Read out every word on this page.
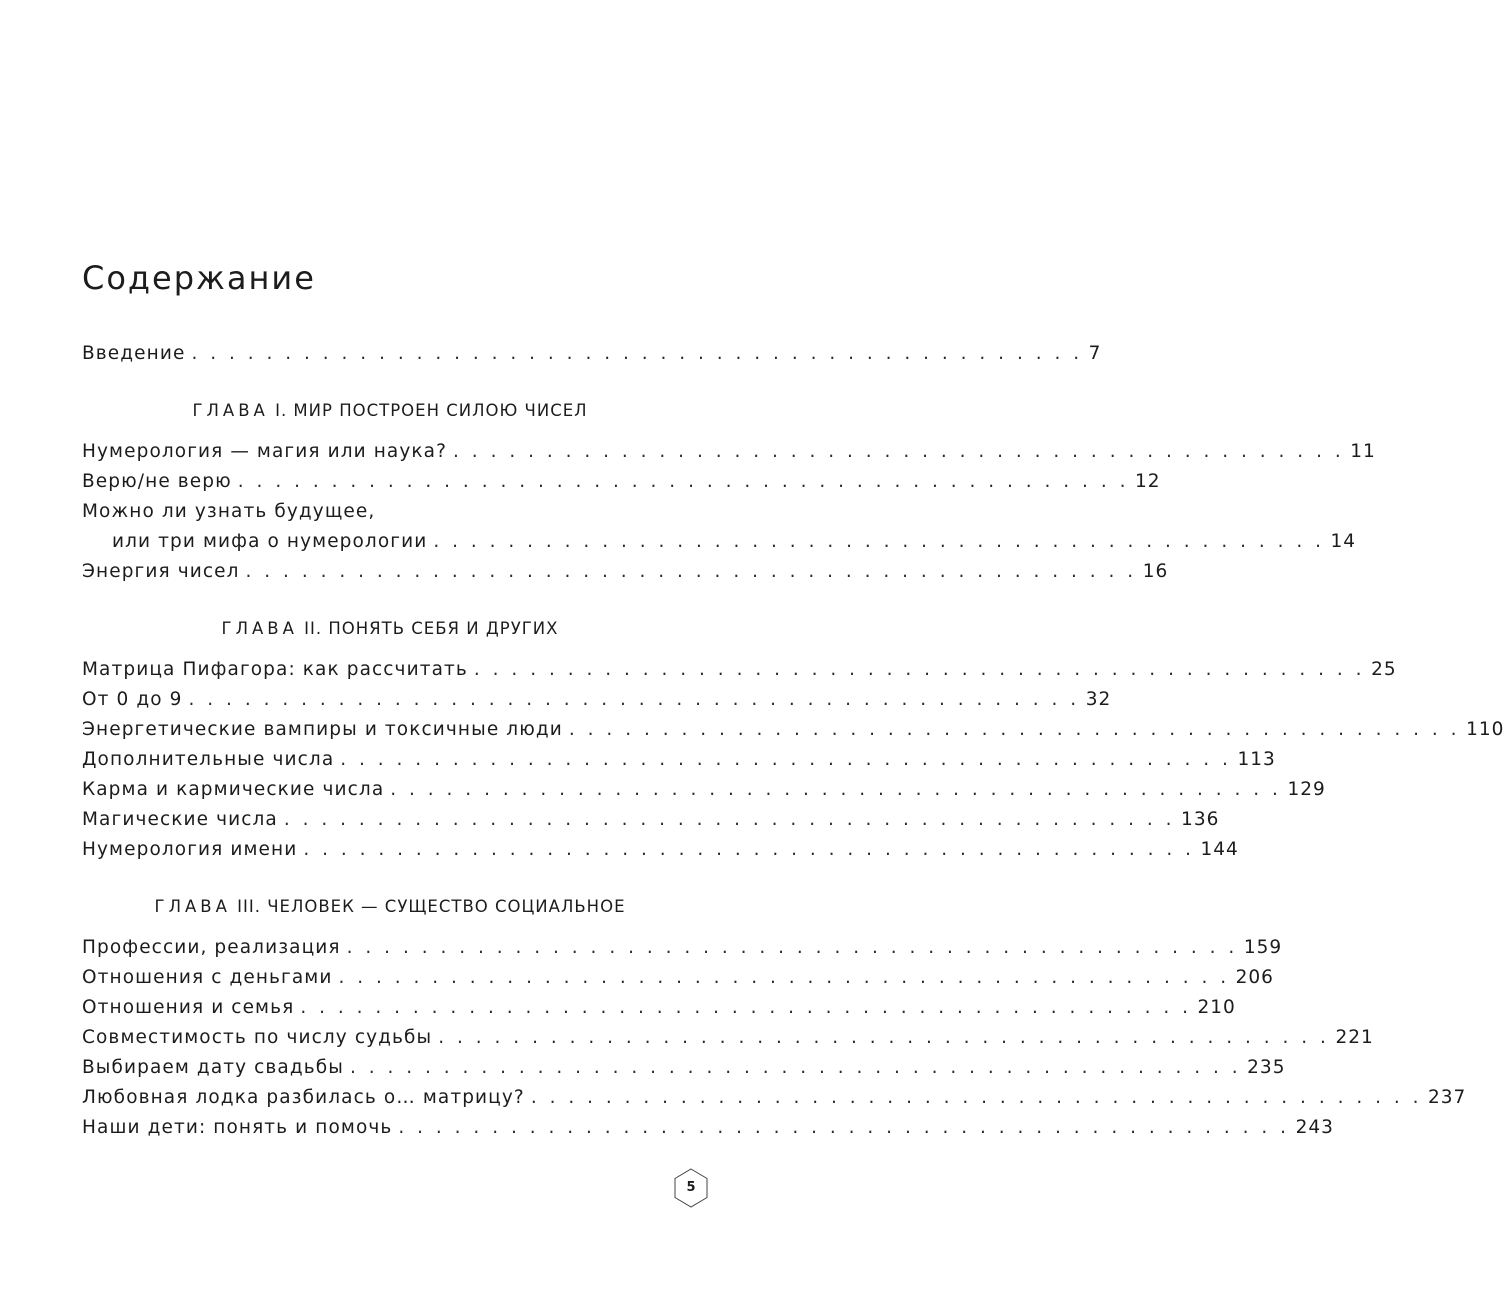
Содержание
Введение . . . . . . . . . . . . . . . . . . . . . . . . . . . . . . . . . . . . . . . . . . . . . . . . 7
ГЛАВА I. МИР ПОСТРОЕН СИЛОЮ ЧИСЕЛ
Нумерология — магия или наука? . . . . . . . . . . . . . . . . . . . . . . . . . . . . . . . . . . . . . . . . . . . . . . . . 11
Верю/не верю . . . . . . . . . . . . . . . . . . . . . . . . . . . . . . . . . . . . . . . . . . . . . . . . 12
Можно ли узнать будущее,
или три мифа о нумерологии . . . . . . . . . . . . . . . . . . . . . . . . . . . . . . . . . . . . . . . . . . . . . . . . 14
Энергия чисел . . . . . . . . . . . . . . . . . . . . . . . . . . . . . . . . . . . . . . . . . . . . . . . . 16
ГЛАВА II. ПОНЯТЬ СЕБЯ И ДРУГИХ
Матрица Пифагора: как рассчитать . . . . . . . . . . . . . . . . . . . . . . . . . . . . . . . . . . . . . . . . . . . . . . . . 25
От 0 до 9 . . . . . . . . . . . . . . . . . . . . . . . . . . . . . . . . . . . . . . . . . . . . . . . . 32
Энергетические вампиры и токсичные люди . . . . . . . . . . . . . . . . . . . . . . . . . . . . . . . . . . . . . . . . . . . . . . . . 110
Дополнительные числа . . . . . . . . . . . . . . . . . . . . . . . . . . . . . . . . . . . . . . . . . . . . . . . . 113
Карма и кармические числа . . . . . . . . . . . . . . . . . . . . . . . . . . . . . . . . . . . . . . . . . . . . . . . . 129
Магические числа . . . . . . . . . . . . . . . . . . . . . . . . . . . . . . . . . . . . . . . . . . . . . . . . 136
Нумерология имени . . . . . . . . . . . . . . . . . . . . . . . . . . . . . . . . . . . . . . . . . . . . . . . . 144
ГЛАВА III. ЧЕЛОВЕК — СУЩЕСТВО СОЦИАЛЬНОЕ
Профессии, реализация . . . . . . . . . . . . . . . . . . . . . . . . . . . . . . . . . . . . . . . . . . . . . . . . 159
Отношения с деньгами . . . . . . . . . . . . . . . . . . . . . . . . . . . . . . . . . . . . . . . . . . . . . . . . 206
Отношения и семья . . . . . . . . . . . . . . . . . . . . . . . . . . . . . . . . . . . . . . . . . . . . . . . . 210
Совместимость по числу судьбы . . . . . . . . . . . . . . . . . . . . . . . . . . . . . . . . . . . . . . . . . . . . . . . . 221
Выбираем дату свадьбы . . . . . . . . . . . . . . . . . . . . . . . . . . . . . . . . . . . . . . . . . . . . . . . . 235
Любовная лодка разбилась о… матрицу? . . . . . . . . . . . . . . . . . . . . . . . . . . . . . . . . . . . . . . . . . . . . . . . . 237
Наши дети: понять и помочь . . . . . . . . . . . . . . . . . . . . . . . . . . . . . . . . . . . . . . . . . . . . . . . . 243
5
